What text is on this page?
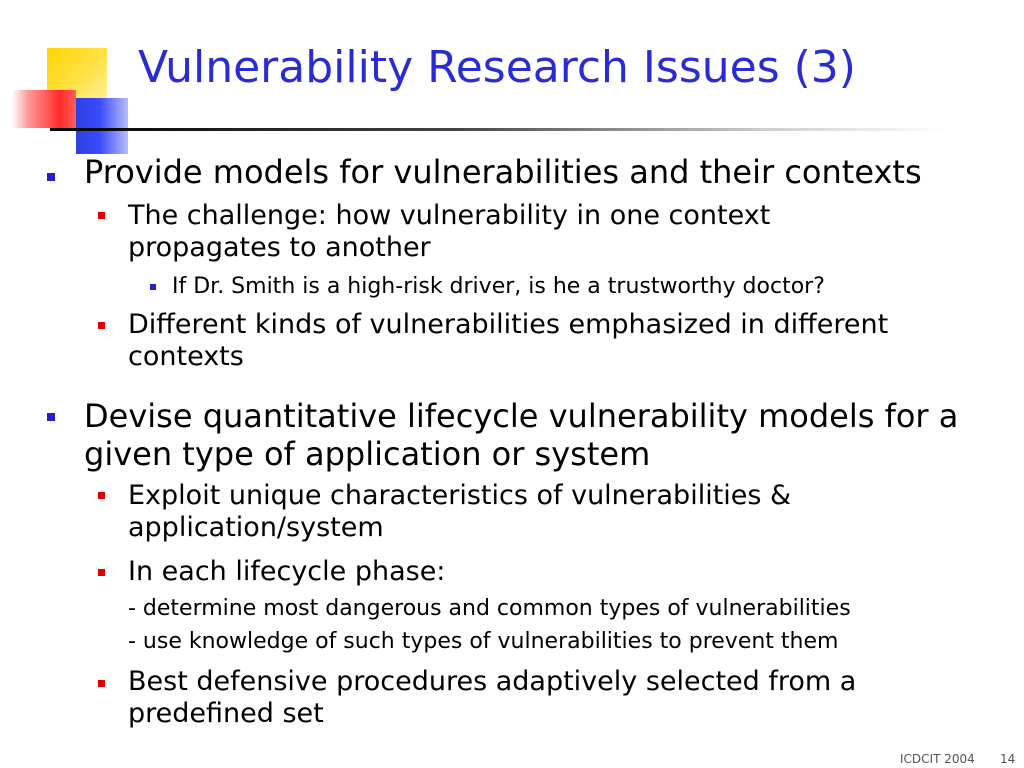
Vulnerability Research Issues (3)
Provide models for vulnerabilities and their contexts
The challenge: how vulnerability in one context propagates to another
If Dr. Smith is a high-risk driver, is he a trustworthy doctor?
Different kinds of vulnerabilities emphasized in different contexts
Devise quantitative lifecycle vulnerability models for a given type of application or system
Exploit unique characteristics of vulnerabilities & application/system
In each lifecycle phase:
- determine most dangerous and common types of vulnerabilities
- use knowledge of such types of vulnerabilities to prevent them
Best defensive procedures adaptively selected from a predefined set
ICDCIT 2004 14
